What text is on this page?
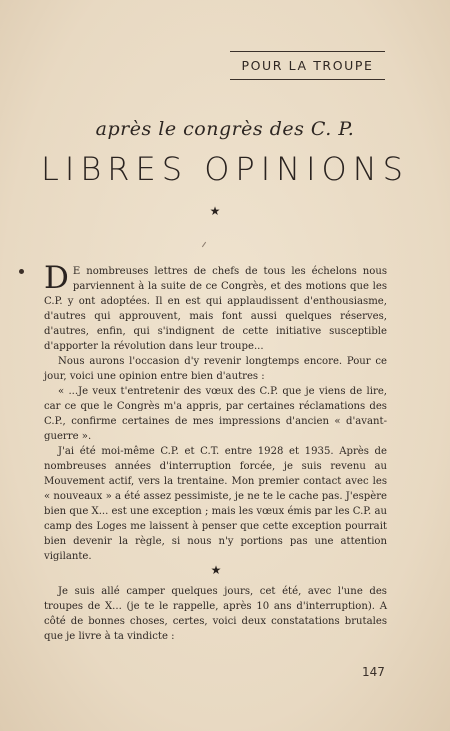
POUR LA TROUPE
après le congrès des C. P.
LIBRES OPINIONS
★

D E nombreuses lettres de chefs de tous les échelons nous parviennent à la suite de ce Congrès, et des motions que les C.P. y ont adoptées. Il en est qui applaudissent d'enthousiasme, d'autres qui approuvent, mais font aussi quelques réserves, d'autres, enfin, qui s'indignent de cette initiative susceptible d'apporter la révolution dans leur troupe...

Nous aurons l'occasion d'y revenir longtemps encore. Pour ce jour, voici une opinion entre bien d'autres :

« ...Je veux t'entretenir des vœux des C.P. que je viens de lire, car ce que le Congrès m'a appris, par certaines réclamations des C.P., confirme certaines de mes impressions d'ancien « d'avant-guerre ».

J'ai été moi-même C.P. et C.T. entre 1928 et 1935. Après de nombreuses années d'interruption forcée, je suis revenu au Mouvement actif, vers la trentaine. Mon premier contact avec les « nouveaux » a été assez pessimiste, je ne te le cache pas. J'espère bien que X... est une exception ; mais les vœux émis par les C.P. au camp des Loges me laissent à penser que cette exception pourrait bien devenir la règle, si nous n'y portions pas une attention vigilante.

★

Je suis allé camper quelques jours, cet été, avec l'une des troupes de X... (je te le rappelle, après 10 ans d'interruption). A côté de bonnes choses, certes, voici deux constatations brutales que je livre à ta vindicte :

147
